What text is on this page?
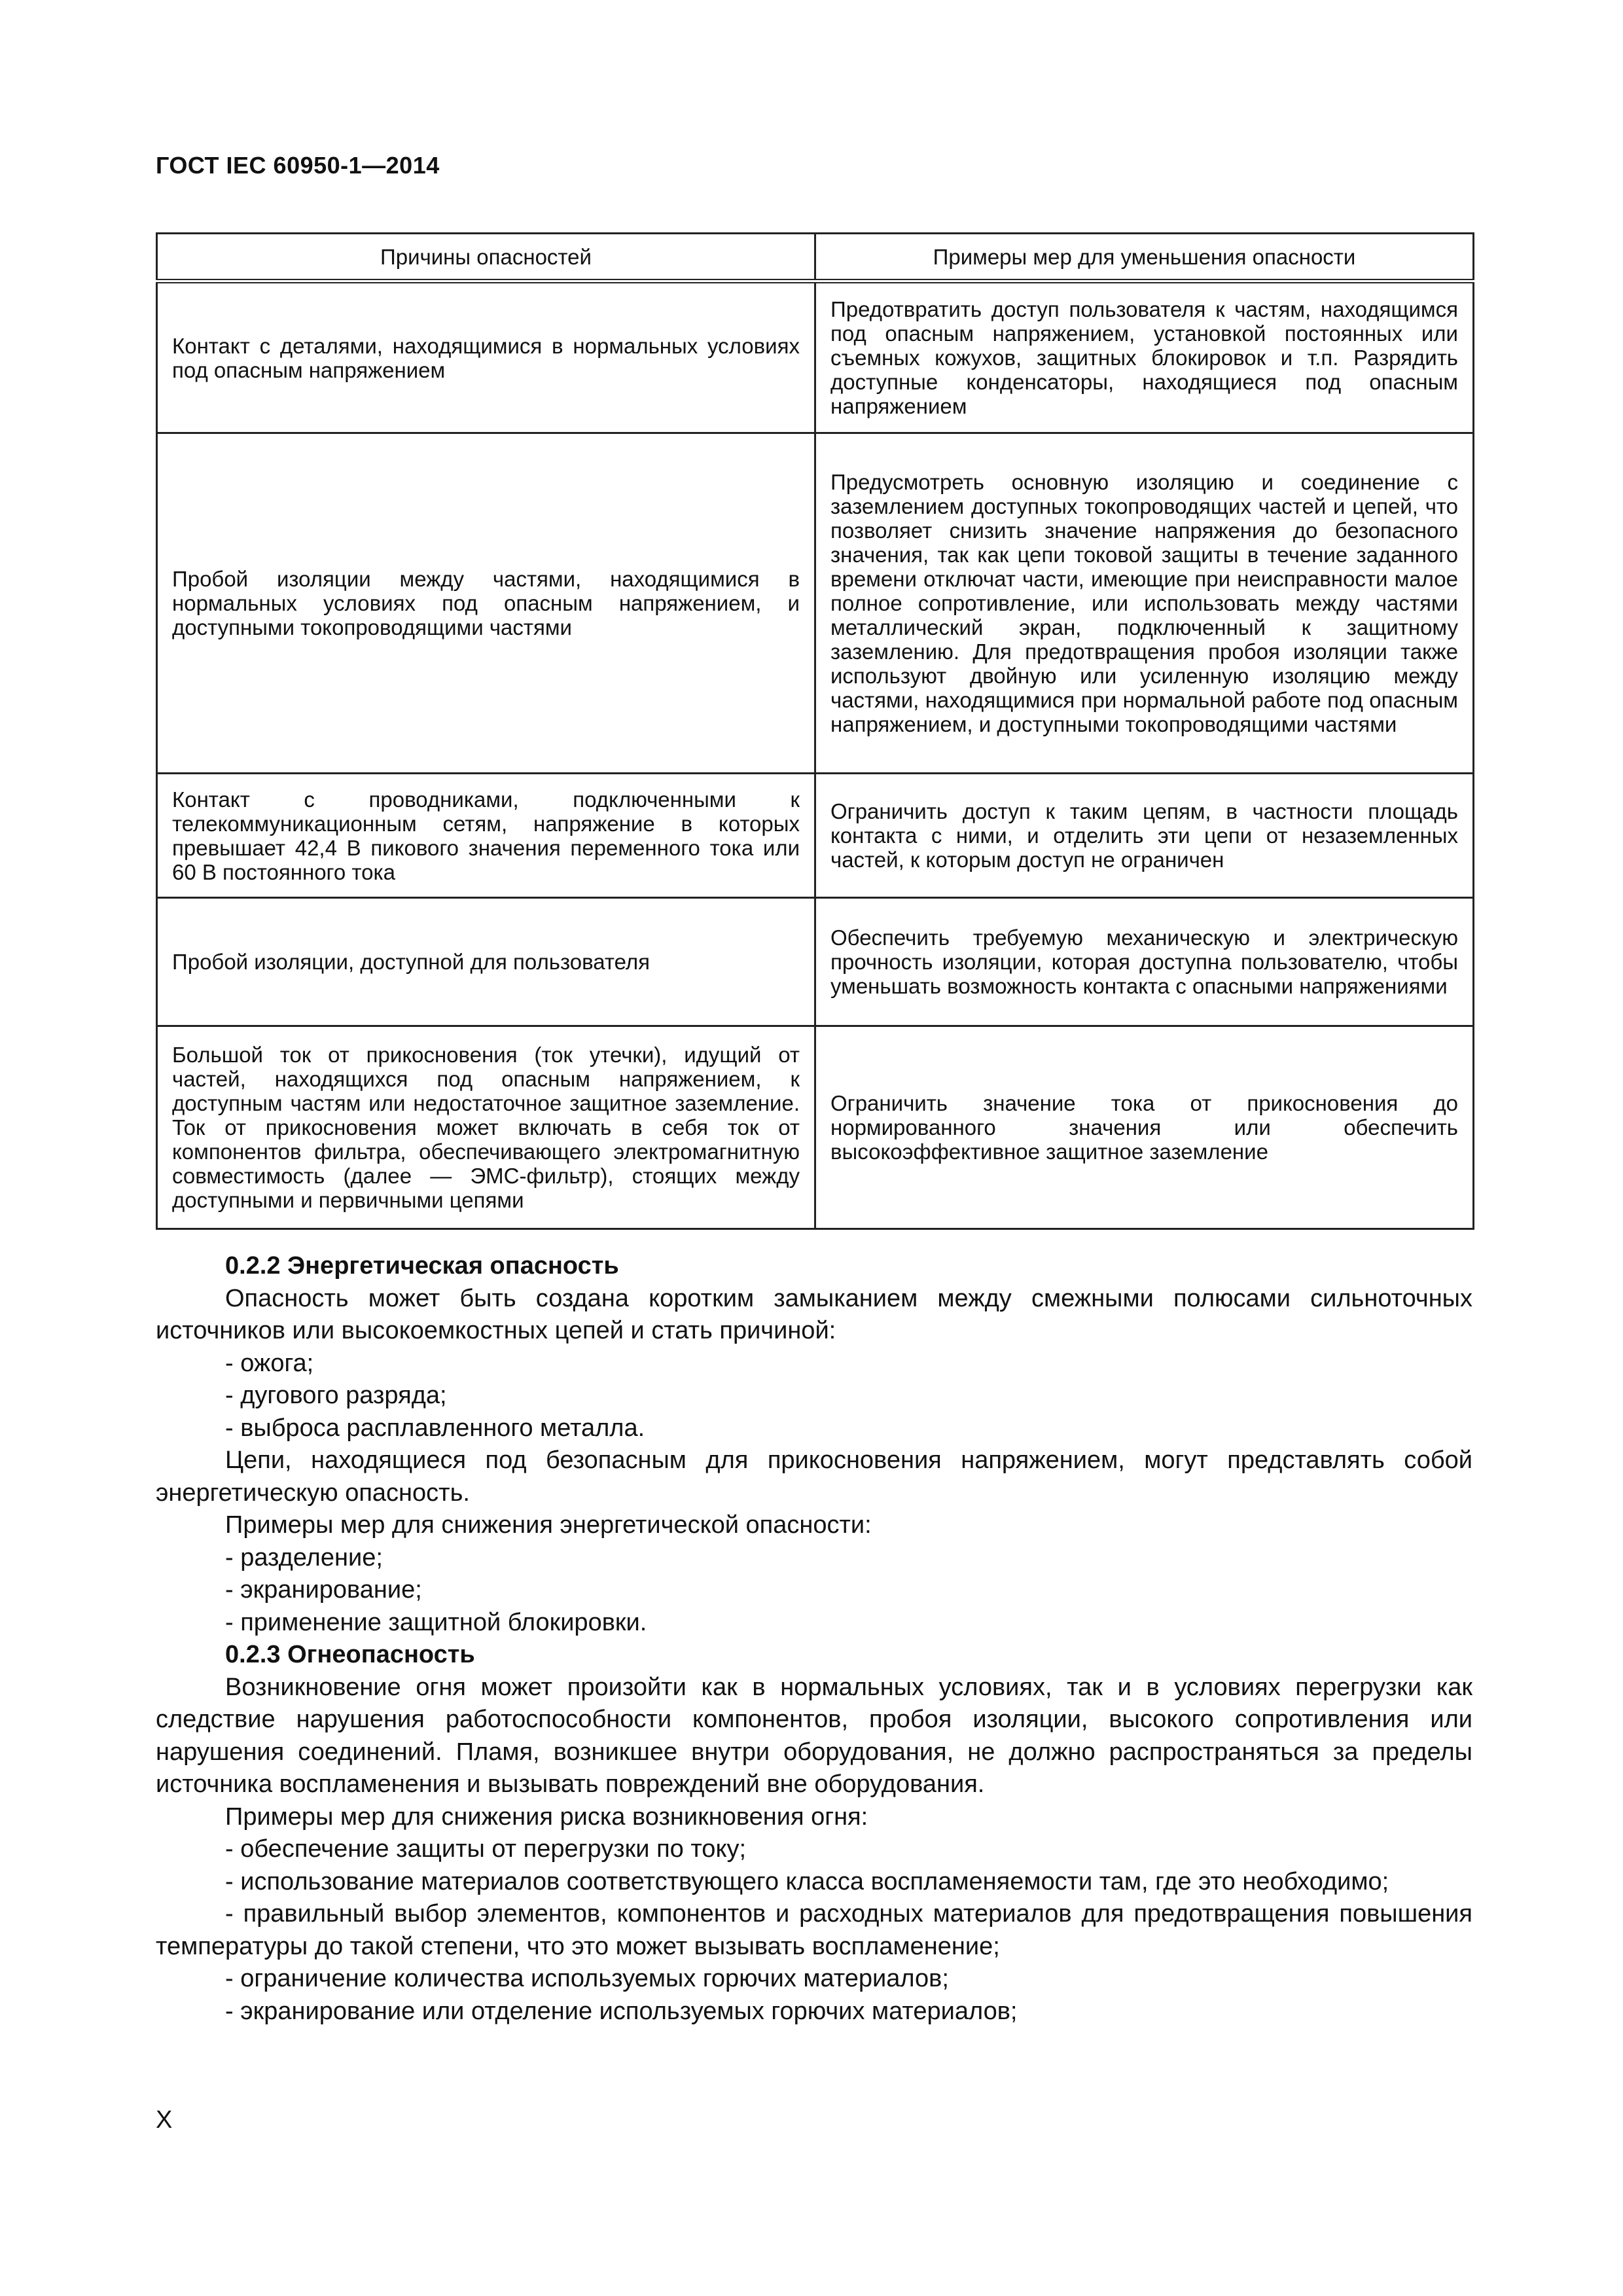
ГОСТ IEC 60950-1—2014
Причины опасностей	Примеры мер для уменьшения опасности
Контакт с деталями, находящимися в нормальных условиях под опасным напряжением	Предотвратить доступ пользователя к частям, находящимся под опасным напряжением, установкой постоянных или съемных кожухов, защитных блокировок и т.п. Разрядить доступные конденсаторы, находящиеся под опасным напряжением
Пробой изоляции между частями, находящимися в нормальных условиях под опасным напряжением, и доступными токопроводящими частями	Предусмотреть основную изоляцию и соединение с заземлением доступных токопроводящих частей и цепей, что позволяет снизить значение напряжения до безопасного значения, так как цепи токовой защиты в течение заданного времени отключат части, имеющие при неисправности малое полное сопротивление, или использовать между частями металлический экран, подключенный к защитному заземлению. Для предотвращения пробоя изоляции также используют двойную или усиленную изоляцию между частями, находящимися при нормальной работе под опасным напряжением, и доступными токопроводящими частями
Контакт с проводниками, подключенными к телекоммуникационным сетям, напряжение в которых превышает 42,4 В пикового значения переменного тока или 60 В постоянного тока	Ограничить доступ к таким цепям, в частности площадь контакта с ними, и отделить эти цепи от незаземленных частей, к которым доступ не ограничен
Пробой изоляции, доступной для пользователя	Обеспечить требуемую механическую и электрическую прочность изоляции, которая доступна пользователю, чтобы уменьшать возможность контакта с опасными напряжениями
Большой ток от прикосновения (ток утечки), идущий от частей, находящихся под опасным напряжением, к доступным частям или недостаточное защитное заземление. Ток от прикосновения может включать в себя ток от компонентов фильтра, обеспечивающего электромагнитную совместимость (далее — ЭМС-фильтр), стоящих между доступными и первичными цепями	Ограничить значение тока от прикосновения до нормированного значения или обеспечить высокоэффективное защитное заземление

0.2.2 Энергетическая опасность

Опасность может быть создана коротким замыканием между смежными полюсами сильноточных источников или высокоемкостных цепей и стать причиной:

- ожога;

- дугового разряда;

- выброса расплавленного металла.

Цепи, находящиеся под безопасным для прикосновения напряжением, могут представлять собой энергетическую опасность.

Примеры мер для снижения энергетической опасности:

- разделение;

- экранирование;

- применение защитной блокировки.

0.2.3 Огнеопасность

Возникновение огня может произойти как в нормальных условиях, так и в условиях перегрузки как следствие нарушения работоспособности компонентов, пробоя изоляции, высокого сопротивления или нарушения соединений. Пламя, возникшее внутри оборудования, не должно распространяться за пределы источника воспламенения и вызывать повреждений вне оборудования.

Примеры мер для снижения риска возникновения огня:

- обеспечение защиты от перегрузки по току;

- использование материалов соответствующего класса воспламеняемости там, где это необходимо;

- правильный выбор элементов, компонентов и расходных материалов для предотвращения повышения температуры до такой степени, что это может вызывать воспламенение;

- ограничение количества используемых горючих материалов;

- экранирование или отделение используемых горючих материалов;

X
